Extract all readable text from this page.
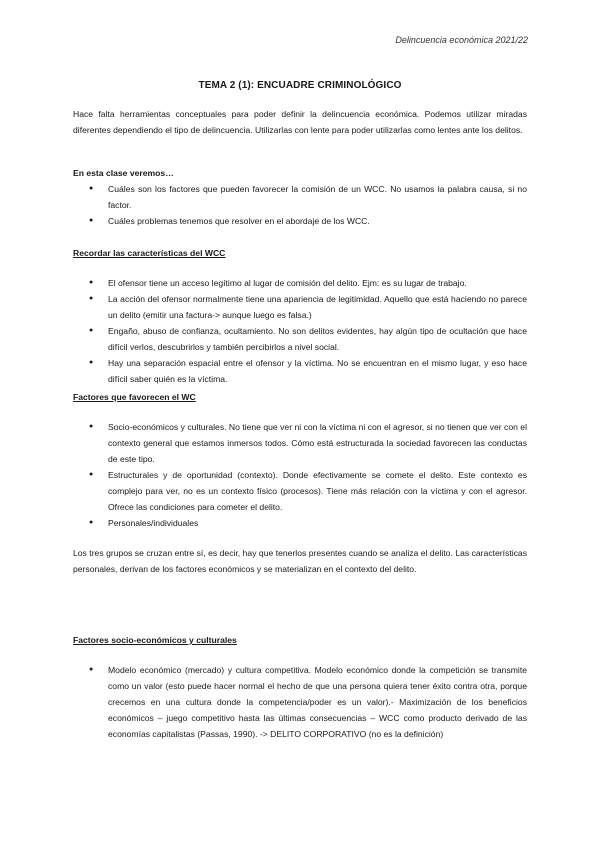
Delincuencia económica 2021/22
TEMA 2 (1): ENCUADRE CRIMINOLÓGICO
Hace falta herramientas conceptuales para poder definir la delincuencia económica. Podemos utilizar miradas diferentes dependiendo el tipo de delincuencia. Utilizarlas con lente para poder utilizarlas como lentes ante los delitos.
En esta clase veremos…
● Cuáles son los factores que pueden favorecer la comisión de un WCC. No usamos la palabra causa, si no factor.
● Cuáles problemas tenemos que resolver en el abordaje de los WCC.
Recordar las características del WCC
● El ofensor tiene un acceso legítimo al lugar de comisión del delito. Ejm: es su lugar de trabajo.
● La acción del ofensor normalmente tiene una apariencia de legitimidad. Aquello que está haciendo no parece un delito (emitir una factura-> aunque luego es falsa.)
● Engaño, abuso de confianza, ocultamiento. No son delitos evidentes, hay algún tipo de ocultación que hace difícil verlos, descubrirlos y también percibirlos a nivel social.
● Hay una separación espacial entre el ofensor y la víctima. No se encuentran en el mismo lugar, y eso hace difícil saber quién es la víctima.
Factores que favorecen el WC
● Socio-económicos y culturales. No tiene que ver ni con la víctima ni con el agresor, si no tienen que ver con el contexto general que estamos inmersos todos. Cómo está estructurada la sociedad favorecen las conductas de este tipo.
● Estructurales y de oportunidad (contexto). Donde efectivamente se comete el delito. Este contexto es complejo para ver, no es un contexto físico (procesos). Tiene más relación con la víctima y con el agresor. Ofrece las condiciones para cometer el delito.
● Personales/individuales
Los tres grupos se cruzan entre sí, es decir, hay que tenerlos presentes cuando se analiza el delito. Las características personales, derivan de los factores económicos y se materializan en el contexto del delito.
Factores socio-económicos y culturales
● Modelo económico (mercado) y cultura competitiva. Modelo económico donde la competición se transmite como un valor (esto puede hacer normal el hecho de que una persona quiera tener éxito contra otra, porque crecemos en una cultura donde la competencia/poder es un valor).- Maximización de los beneficios económicos – juego competitivo hasta las últimas consecuencias – WCC como producto derivado de las economías capitalistas (Passas, 1990). -> DELITO CORPORATIVO (no es la definición)
